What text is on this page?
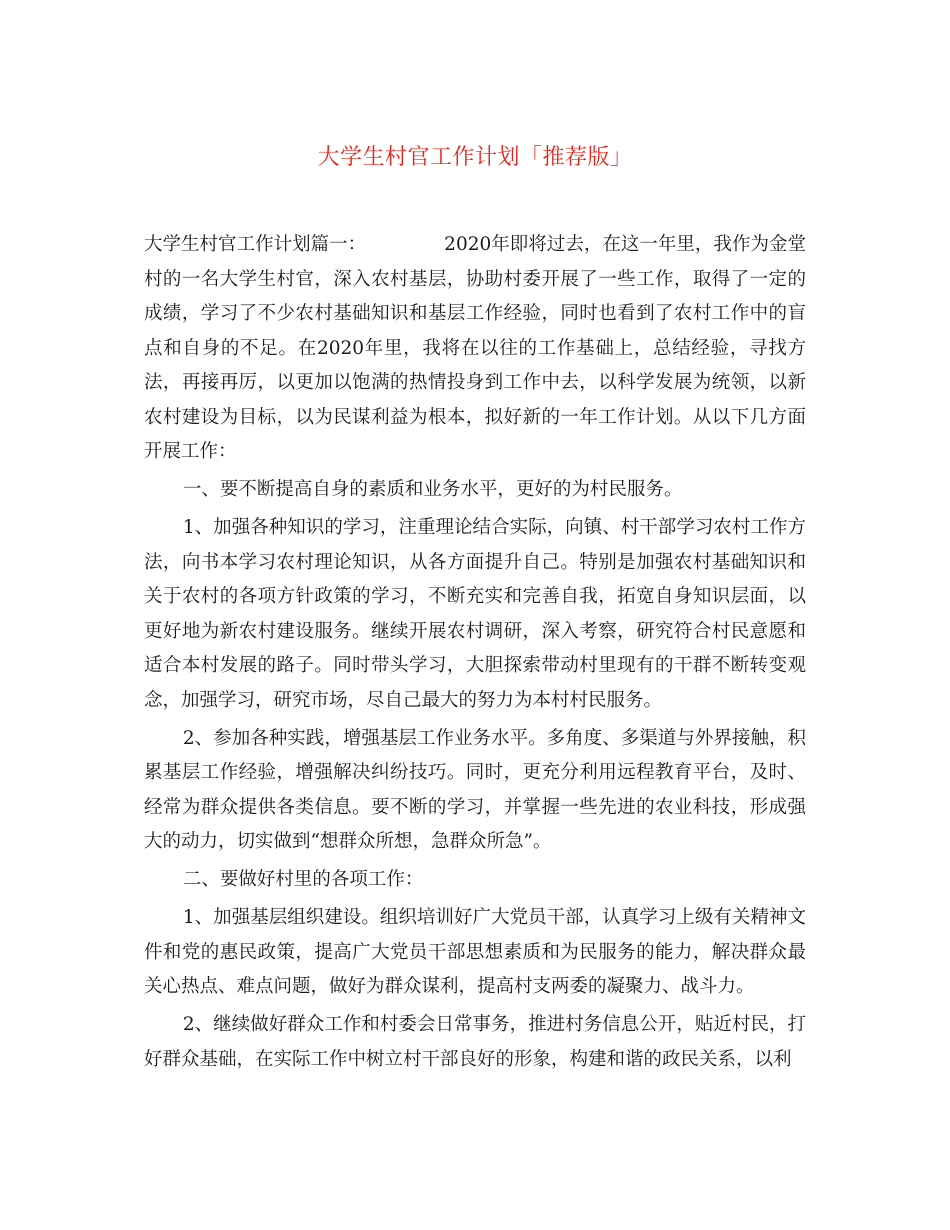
大学生村官工作计划「推荐版」

大学生村官工作计划篇一：	2020年即将过去，在这一年里，我作为金堂村的一名大学生村官，深入农村基层，协助村委开展了一些工作，取得了一定的成绩，学习了不少农村基础知识和基层工作经验，同时也看到了农村工作中的盲点和自身的不足。在2020年里，我将在以往的工作基础上，总结经验，寻找方法，再接再厉，以更加以饱满的热情投身到工作中去，以科学发展为统领，以新农村建设为目标，以为民谋利益为根本，拟好新的一年工作计划。从以下几方面开展工作：

一、要不断提高自身的素质和业务水平，更好的为村民服务。

1、加强各种知识的学习，注重理论结合实际，向镇、村干部学习农村工作方法，向书本学习农村理论知识，从各方面提升自己。特别是加强农村基础知识和关于农村的各项方针政策的学习，不断充实和完善自我，拓宽自身知识层面，以更好地为新农村建设服务。继续开展农村调研，深入考察，研究符合村民意愿和适合本村发展的路子。同时带头学习，大胆探索带动村里现有的干群不断转变观念，加强学习，研究市场，尽自己最大的努力为本村村民服务。

2、参加各种实践，增强基层工作业务水平。多角度、多渠道与外界接触，积累基层工作经验，增强解决纠纷技巧。同时，更充分利用远程教育平台，及时、经常为群众提供各类信息。要不断的学习，并掌握一些先进的农业科技，形成强大的动力，切实做到“想群众所想，急群众所急”。

二、要做好村里的各项工作：

1、加强基层组织建设。组织培训好广大党员干部，认真学习上级有关精神文件和党的惠民政策，提高广大党员干部思想素质和为民服务的能力，解决群众最关心热点、难点问题，做好为群众谋利，提高村支两委的凝聚力、战斗力。

2、继续做好群众工作和村委会日常事务，推进村务信息公开，贴近村民，打好群众基础，在实际工作中树立村干部良好的形象，构建和谐的政民关系，以利
